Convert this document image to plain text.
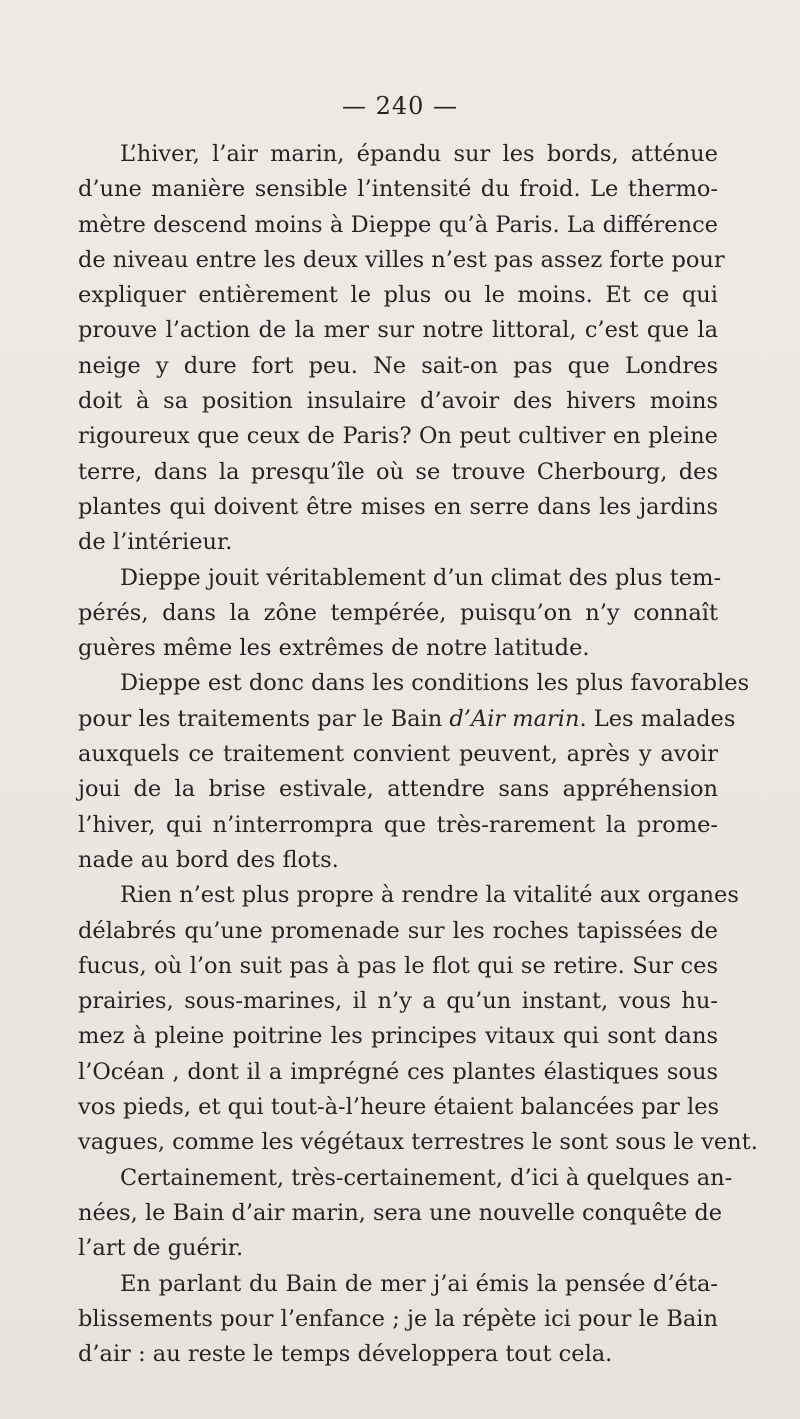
— 240 —
L’hiver, l’air marin, épandu sur les bords, atténue
d’une manière sensible l’intensité du froid. Le thermo-
mètre descend moins à Dieppe qu’à Paris. La différence
de niveau entre les deux villes n’est pas assez forte pour
expliquer entièrement le plus ou le moins. Et ce qui
prouve l’action de la mer sur notre littoral, c’est que la
neige y dure fort peu. Ne sait-on pas que Londres
doit à sa position insulaire d’avoir des hivers moins
rigoureux que ceux de Paris? On peut cultiver en pleine
terre, dans la presqu’île où se trouve Cherbourg, des
plantes qui doivent être mises en serre dans les jardins
de l’intérieur.
Dieppe jouit véritablement d’un climat des plus tem-
pérés, dans la zône tempérée, puisqu’on n’y connaît
guères même les extrêmes de notre latitude.
Dieppe est donc dans les conditions les plus favorables
pour les traitements par le Bain d’Air marin. Les malades
auxquels ce traitement convient peuvent, après y avoir
joui de la brise estivale, attendre sans appréhension
l’hiver, qui n’interrompra que très-rarement la prome-
nade au bord des flots.
Rien n’est plus propre à rendre la vitalité aux organes
délabrés qu’une promenade sur les roches tapissées de
fucus, où l’on suit pas à pas le flot qui se retire. Sur ces
prairies, sous-marines, il n’y a qu’un instant, vous hu-
mez à pleine poitrine les principes vitaux qui sont dans
l’Océan , dont il a imprégné ces plantes élastiques sous
vos pieds, et qui tout-à-l’heure étaient balancées par les
vagues, comme les végétaux terrestres le sont sous le vent.
Certainement, très-certainement, d’ici à quelques an-
nées, le Bain d’air marin, sera une nouvelle conquête de
l’art de guérir.
En parlant du Bain de mer j’ai émis la pensée d’éta-
blissements pour l’enfance ; je la répète ici pour le Bain
d’air : au reste le temps développera tout cela.
